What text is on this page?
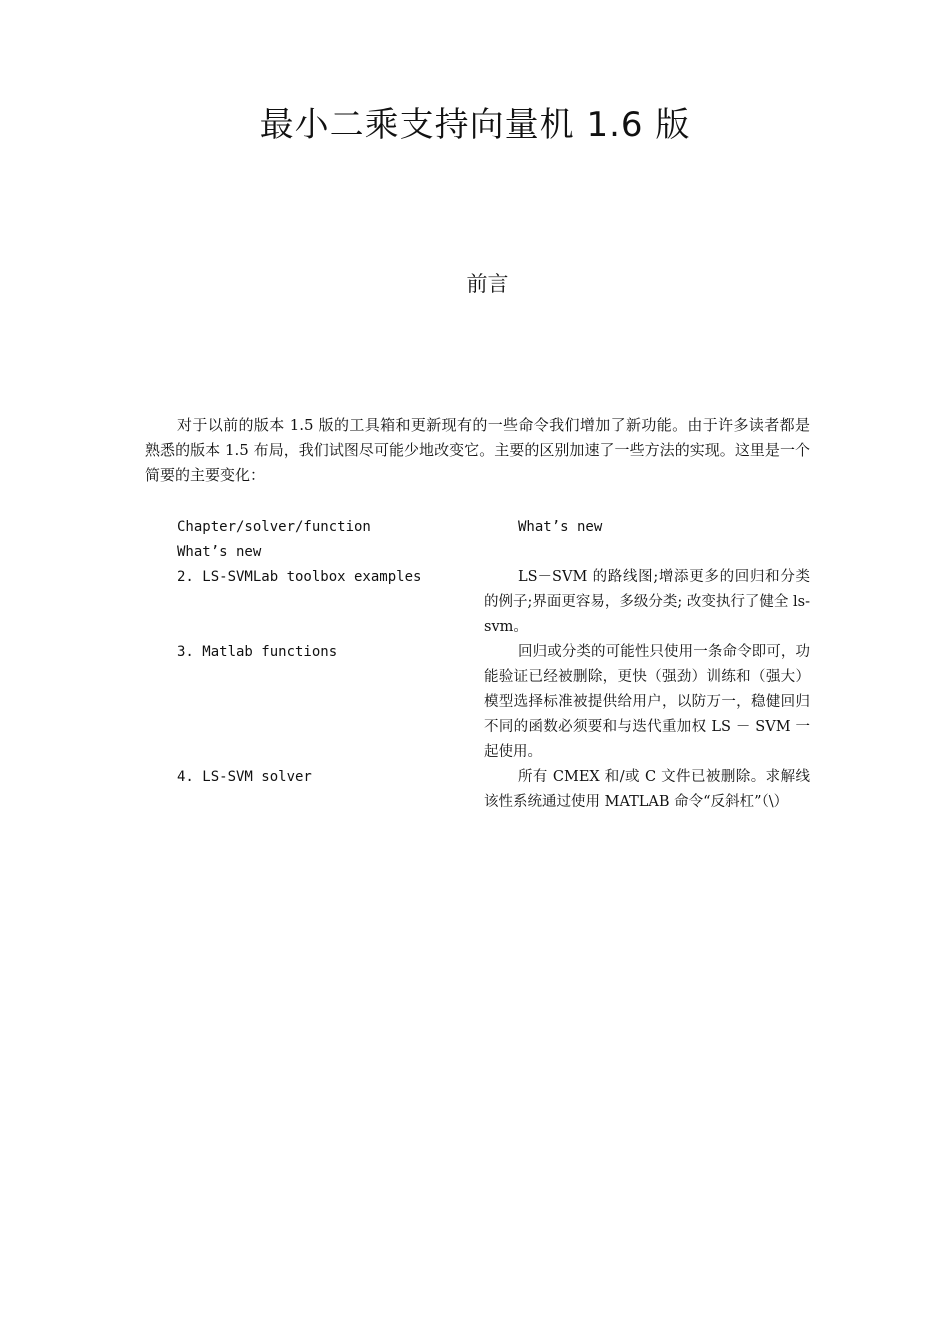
最小二乘支持向量机 1.6 版
前言

对于以前的版本 1.5 版的工具箱和更新现有的一些命令我们增加了新功能。由于许多读者都是熟悉的版本 1.5 布局，我们试图尽可能少地改变它。主要的区别加速了一些方法的实现。这里是一个简要的主要变化：

Chapter/solver/function	What’s new
What’s new
2. LS-SVMLab toolbox examples	LS－SVM 的路线图;增添更多的回归和分类的例子;界面更容易，多级分类; 改变执行了健全 ls-svm。
3. Matlab functions	回归或分类的可能性只使用一条命令即可，功能验证已经被删除，更快（强劲）训练和（强大）模型选择标准被提供给用户，以防万一，稳健回归不同的函数必须要和与迭代重加权 LS － SVM 一起使用。
4. LS-SVM solver	所有 CMEX 和/或 C 文件已被删除。求解线该性系统通过使用 MATLAB 命令“反斜杠”（\）
